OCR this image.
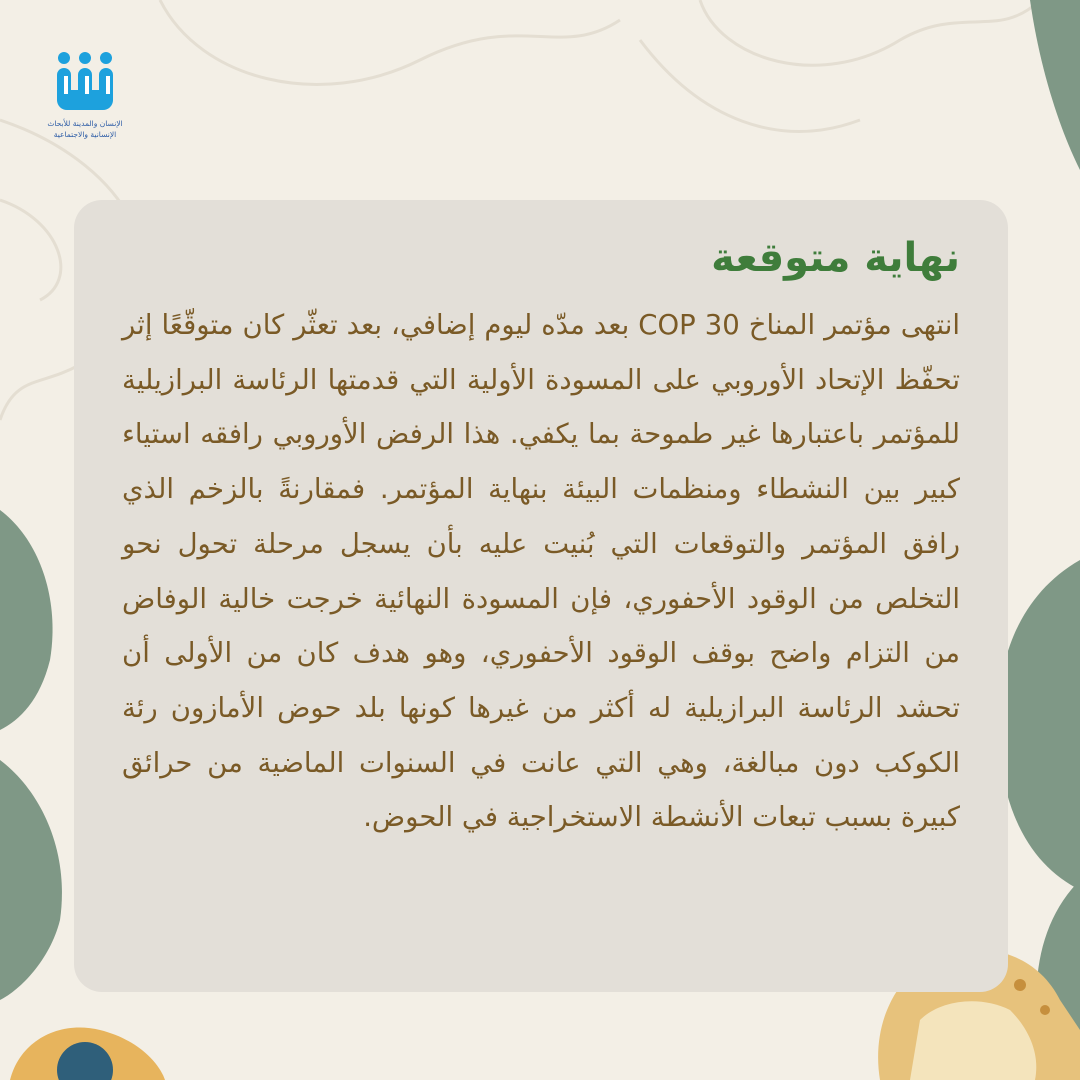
الإنسان والمدينة للأبحاث
الإنسانية والاجتماعية
نهاية متوقعة

انتهى مؤتمر المناخ COP 30 بعد مدّه ليوم إضافي، بعد تعثّر كان متوقّعًا إثر تحفّظ الإتحاد الأوروبي على المسودة الأولية التي قدمتها الرئاسة البرازيلية للمؤتمر باعتبارها غير طموحة بما يكفي. هذا الرفض الأوروبي رافقه استياء كبير بين النشطاء ومنظمات البيئة بنهاية المؤتمر. فمقارنةً بالزخم الذي رافق المؤتمر والتوقعات التي بُنيت عليه بأن يسجل مرحلة تحول نحو التخلص من الوقود الأحفوري، فإن المسودة النهائية خرجت خالية الوفاض من التزام واضح بوقف الوقود الأحفوري، وهو هدف كان من الأولى أن تحشد الرئاسة البرازيلية له أكثر من غيرها كونها بلد حوض الأمازون رئة الكوكب دون مبالغة، وهي التي عانت في السنوات الماضية من حرائق كبيرة بسبب تبعات الأنشطة الاستخراجية في الحوض.
